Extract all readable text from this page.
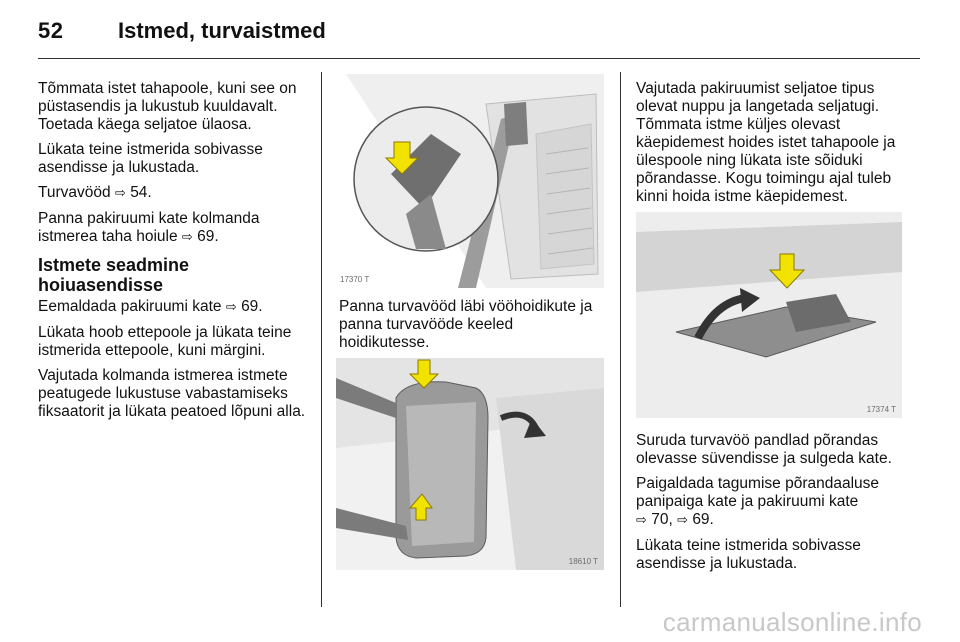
52 Istmed, turvaistmed

Tõmmata istet tahapoole, kuni see on püstasendis ja lukustub kuuldavalt. Toetada käega seljatoe ülaosa.

Lükata teine istmerida sobivasse asendisse ja lukustada.

Turvavööd ⇨ 54.

Panna pakiruumi kate kolmanda istmerea taha hoiule ⇨ 69.

Istmete seadmine hoiuasendisse

Eemaldada pakiruumi kate ⇨ 69.

Lükata hoob ettepoole ja lükata teine istmerida ettepoole, kuni märgini.

Vajutada kolmanda istmerea istmete peatugede lukustuse vabastamiseks fiksaatorit ja lükata peatoed lõpuni alla.

17370 T

Panna turvavööd läbi vööhoidikute ja panna turvavööde keeled hoidikutesse.

18610 T

Vajutada pakiruumist seljatoe tipus olevat nuppu ja langetada seljatugi. Tõmmata istme küljes olevast käepidemest hoides istet tahapoole ja ülespoole ning lükata iste sõiduki põrandasse. Kogu toimingu ajal tuleb kinni hoida istme käepidemest.

17374 T

Suruda turvavöö pandlad põrandas olevasse süvendisse ja sulgeda kate.

Paigaldada tagumise põrandaaluse panipaiga kate ja pakiruumi kate
⇨ 70, ⇨ 69.

Lükata teine istmerida sobivasse asendisse ja lukustada.

carmanualsonline.info
